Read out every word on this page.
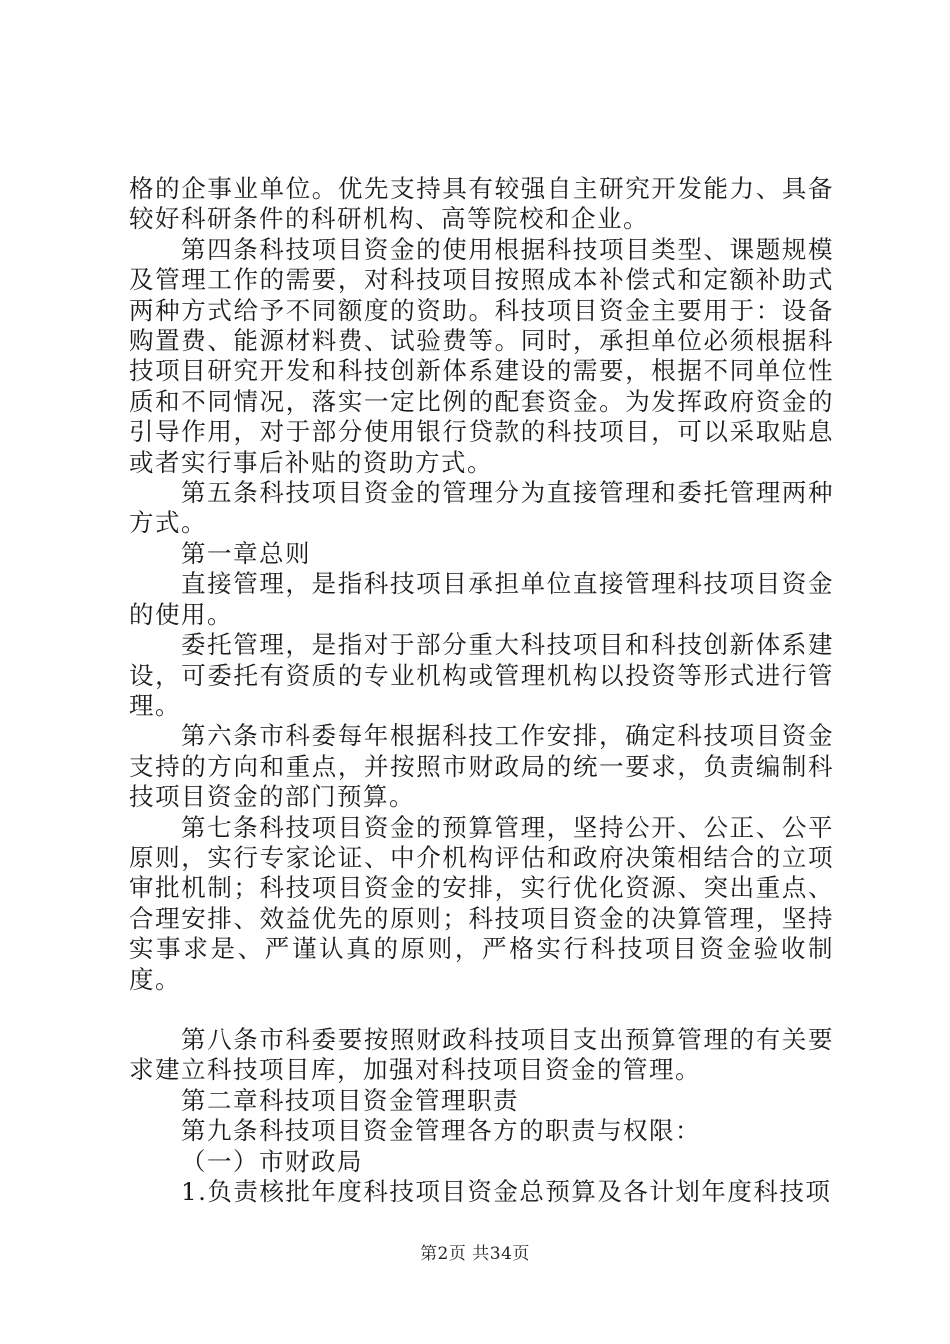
格的企事业单位。优先支持具有较强自主研究开发能力、具备较好科研条件的科研机构、高等院校和企业。

第四条科技项目资金的使用根据科技项目类型、课题规模及管理工作的需要，对科技项目按照成本补偿式和定额补助式两种方式给予不同额度的资助。科技项目资金主要用于：设备购置费、能源材料费、试验费等。同时，承担单位必须根据科技项目研究开发和科技创新体系建设的需要，根据不同单位性质和不同情况，落实一定比例的配套资金。为发挥政府资金的引导作用，对于部分使用银行贷款的科技项目，可以采取贴息或者实行事后补贴的资助方式。

第五条科技项目资金的管理分为直接管理和委托管理两种方式。

第一章总则

直接管理，是指科技项目承担单位直接管理科技项目资金的使用。

委托管理，是指对于部分重大科技项目和科技创新体系建设，可委托有资质的专业机构或管理机构以投资等形式进行管理。

第六条市科委每年根据科技工作安排，确定科技项目资金支持的方向和重点，并按照市财政局的统一要求，负责编制科技项目资金的部门预算。

第七条科技项目资金的预算管理，坚持公开、公正、公平原则，实行专家论证、中介机构评估和政府决策相结合的立项审批机制；科技项目资金的安排，实行优化资源、突出重点、合理安排、效益优先的原则；科技项目资金的决算管理，坚持实事求是、严谨认真的原则，严格实行科技项目资金验收制度。

第八条市科委要按照财政科技项目支出预算管理的有关要求建立科技项目库，加强对科技项目资金的管理。

第二章科技项目资金管理职责

第九条科技项目资金管理各方的职责与权限：

（一）市财政局

1.负责核批年度科技项目资金总预算及各计划年度科技项

第2页 共34页
